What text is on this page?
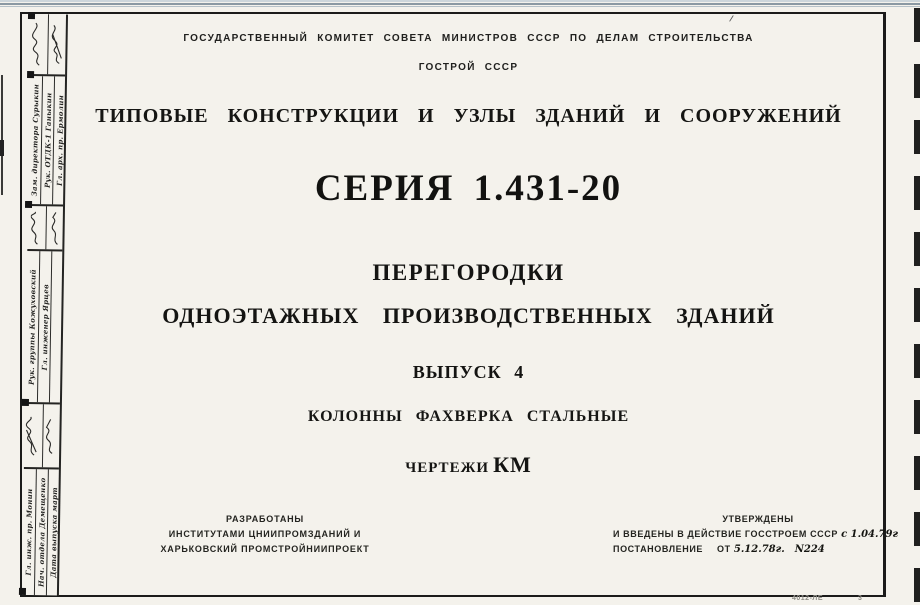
/
Зам. директора Сурыкин Рук. ОТДК-1 Ганыкин Гл. арх. пр. Ермолин
Рук. группы Кожуховский Гл. инженер Ярцев
Гл. инж. пр. Монин Нач. отдела Демещенко Дата выпуска март
ГОСУДАРСТВЕННЫЙ КОМИТЕТ СОВЕТА МИНИСТРОВ СССР ПО ДЕЛАМ СТРОИТЕЛЬСТВА
ГОСТРОЙ СССР
ТИПОВЫЕ КОНСТРУКЦИИ И УЗЛЫ ЗДАНИЙ И СООРУЖЕНИЙ
СЕРИЯ 1.431-20
ПЕРЕГОРОДКИ
ОДНОЭТАЖНЫХ ПРОИЗВОДСТВЕННЫХ ЗДАНИЙ
ВЫПУСК 4
КОЛОННЫ ФАХВЕРКА СТАЛЬНЫЕ
ЧЕРТЕЖИ КМ
РАЗРАБОТАНЫ
ИНСТИТУТАМИ ЦНИИПРОМЗДАНИЙ И
ХАРЬКОВСКИЙ ПРОМСТРОЙНИИПРОЕКТ
УТВЕРЖДЕНЫ
И ВВЕДЕНЫ В ДЕЙСТВИЕ ГОССТРОЕМ СССР с 1.04.79г
ПОСТАНОВЛЕНИЕ ОТ 5.12.78г. N224
4012-ЛЕ	3
